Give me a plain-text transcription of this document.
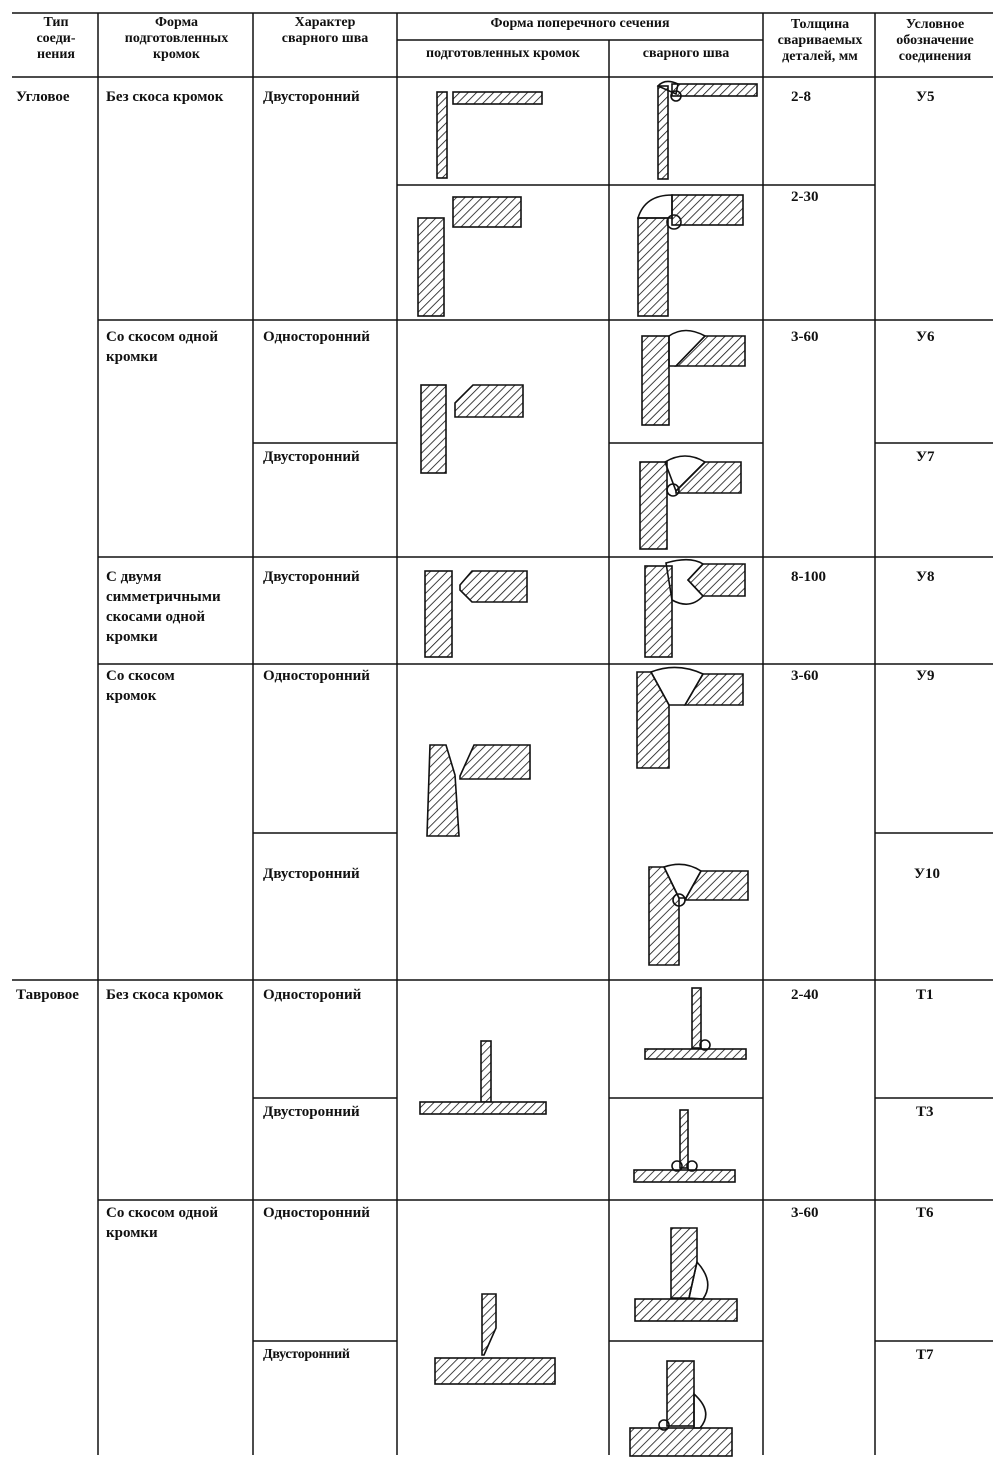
Тип
соеди-
нения
Форма
подготовленных
кромок
Характер
сварного шва
Форма поперечного сечения
подготовленных кромок	сварного шва
Толщина
свариваемых
деталей, мм
Условное
обозначение
соединения
Угловое
Тавровое
Без скоса кромок
Со скосом одной
кромки
С двумя
симметричными
скосами одной
кромки
Со скосом
кромок
Без скоса кромок
Со скосом одной
кромки
Двусторонний
Односторонний
Двусторонний
Двусторонний
Односторонний
Двусторонний
Одностороний
Двусторонний
Односторонний
Двусторонний
2-8
2-30
3-60
8-100
3-60
2-40
3-60
У5
У6
У7
У8
У9
У10
Т1
Т3
Т6
Т7
